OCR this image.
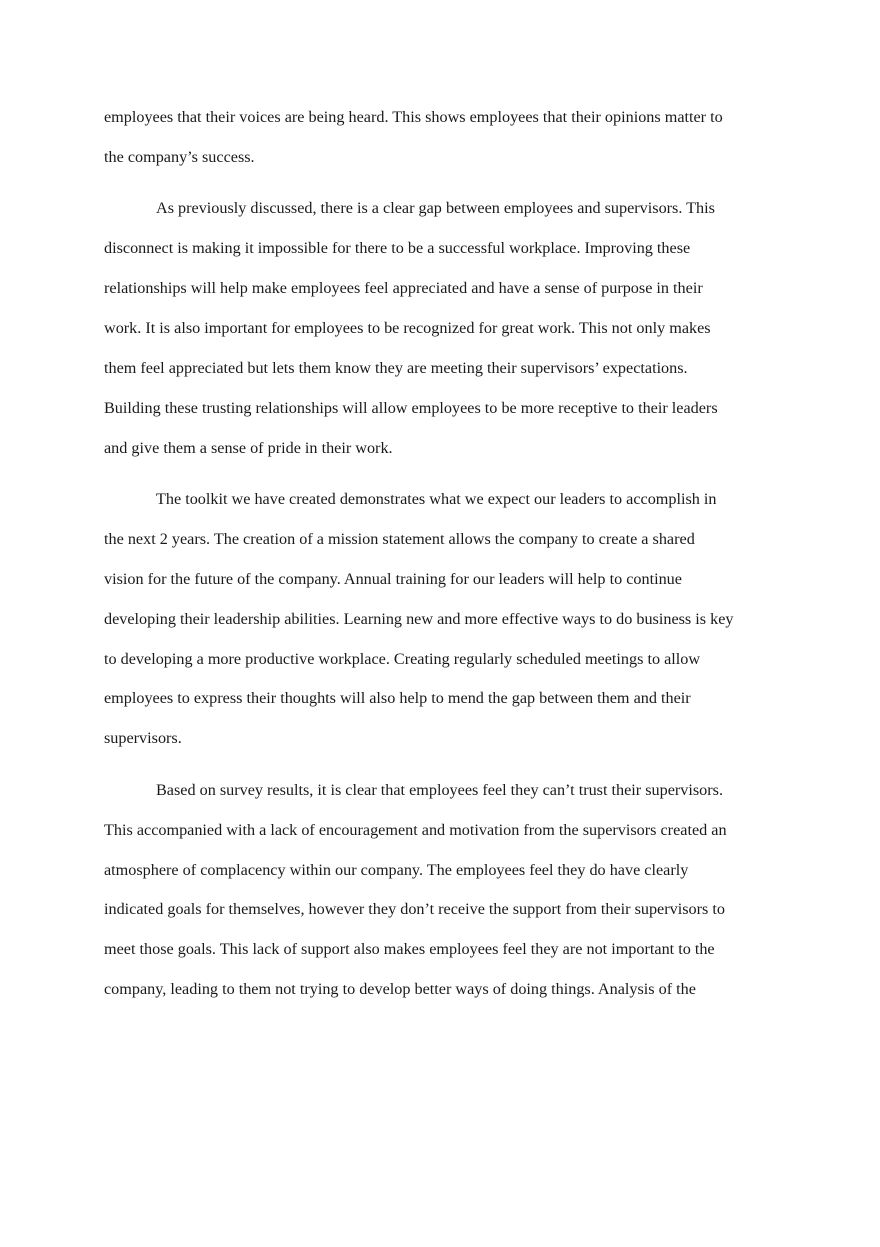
employees that their voices are being heard. This shows employees that their opinions matter to
the company’s success.
As previously discussed, there is a clear gap between employees and supervisors. This
disconnect is making it impossible for there to be a successful workplace. Improving these
relationships will help make employees feel appreciated and have a sense of purpose in their
work. It is also important for employees to be recognized for great work. This not only makes
them feel appreciated but lets them know they are meeting their supervisors’ expectations.
Building these trusting relationships will allow employees to be more receptive to their leaders
and give them a sense of pride in their work.
The toolkit we have created demonstrates what we expect our leaders to accomplish in
the next 2 years. The creation of a mission statement allows the company to create a shared
vision for the future of the company. Annual training for our leaders will help to continue
developing their leadership abilities. Learning new and more effective ways to do business is key
to developing a more productive workplace. Creating regularly scheduled meetings to allow
employees to express their thoughts will also help to mend the gap between them and their
supervisors.
Based on survey results, it is clear that employees feel they can’t trust their supervisors.
This accompanied with a lack of encouragement and motivation from the supervisors created an
atmosphere of complacency within our company. The employees feel they do have clearly
indicated goals for themselves, however they don’t receive the support from their supervisors to
meet those goals. This lack of support also makes employees feel they are not important to the
company, leading to them not trying to develop better ways of doing things. Analysis of the
